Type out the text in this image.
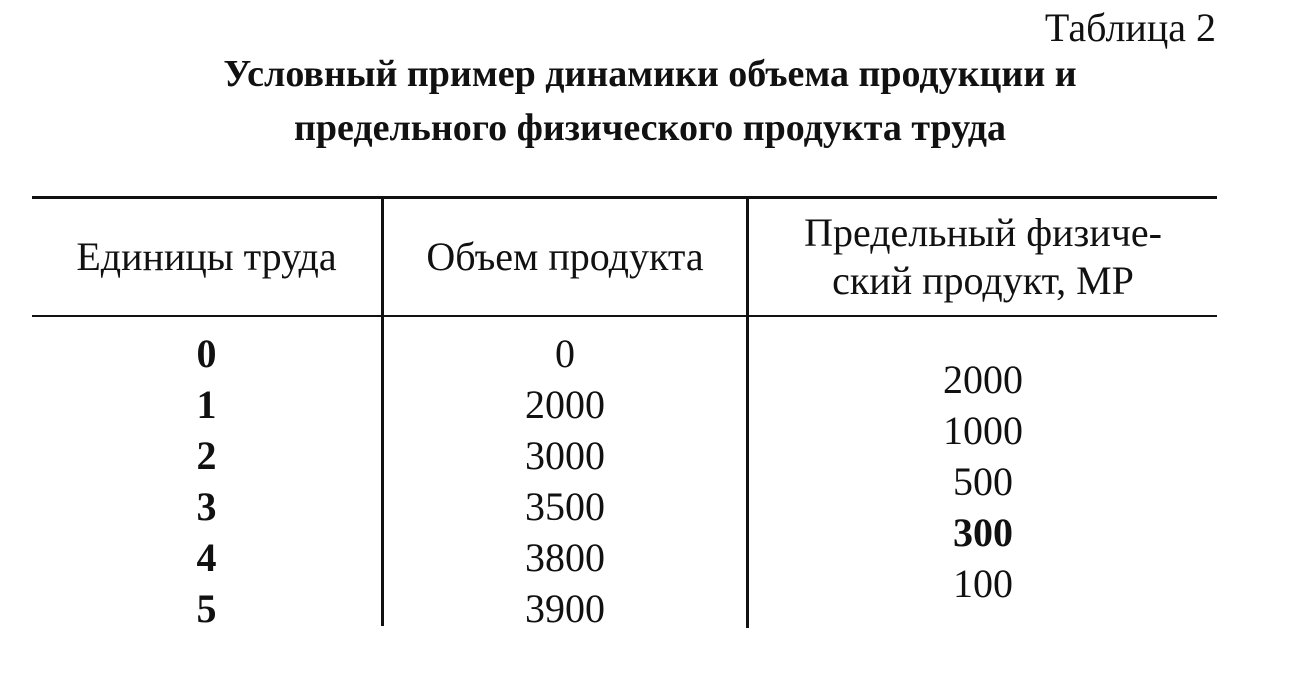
Таблица 2
Условный пример динамики объема продукции и
предельного физического продукта труда
Единицы труда Объем продукта
Предельный физиче-
ский продукт, МР
0
1
2
3
4
5
0
2000
3000
3500
3800
3900
2000
1000
500
300
100
